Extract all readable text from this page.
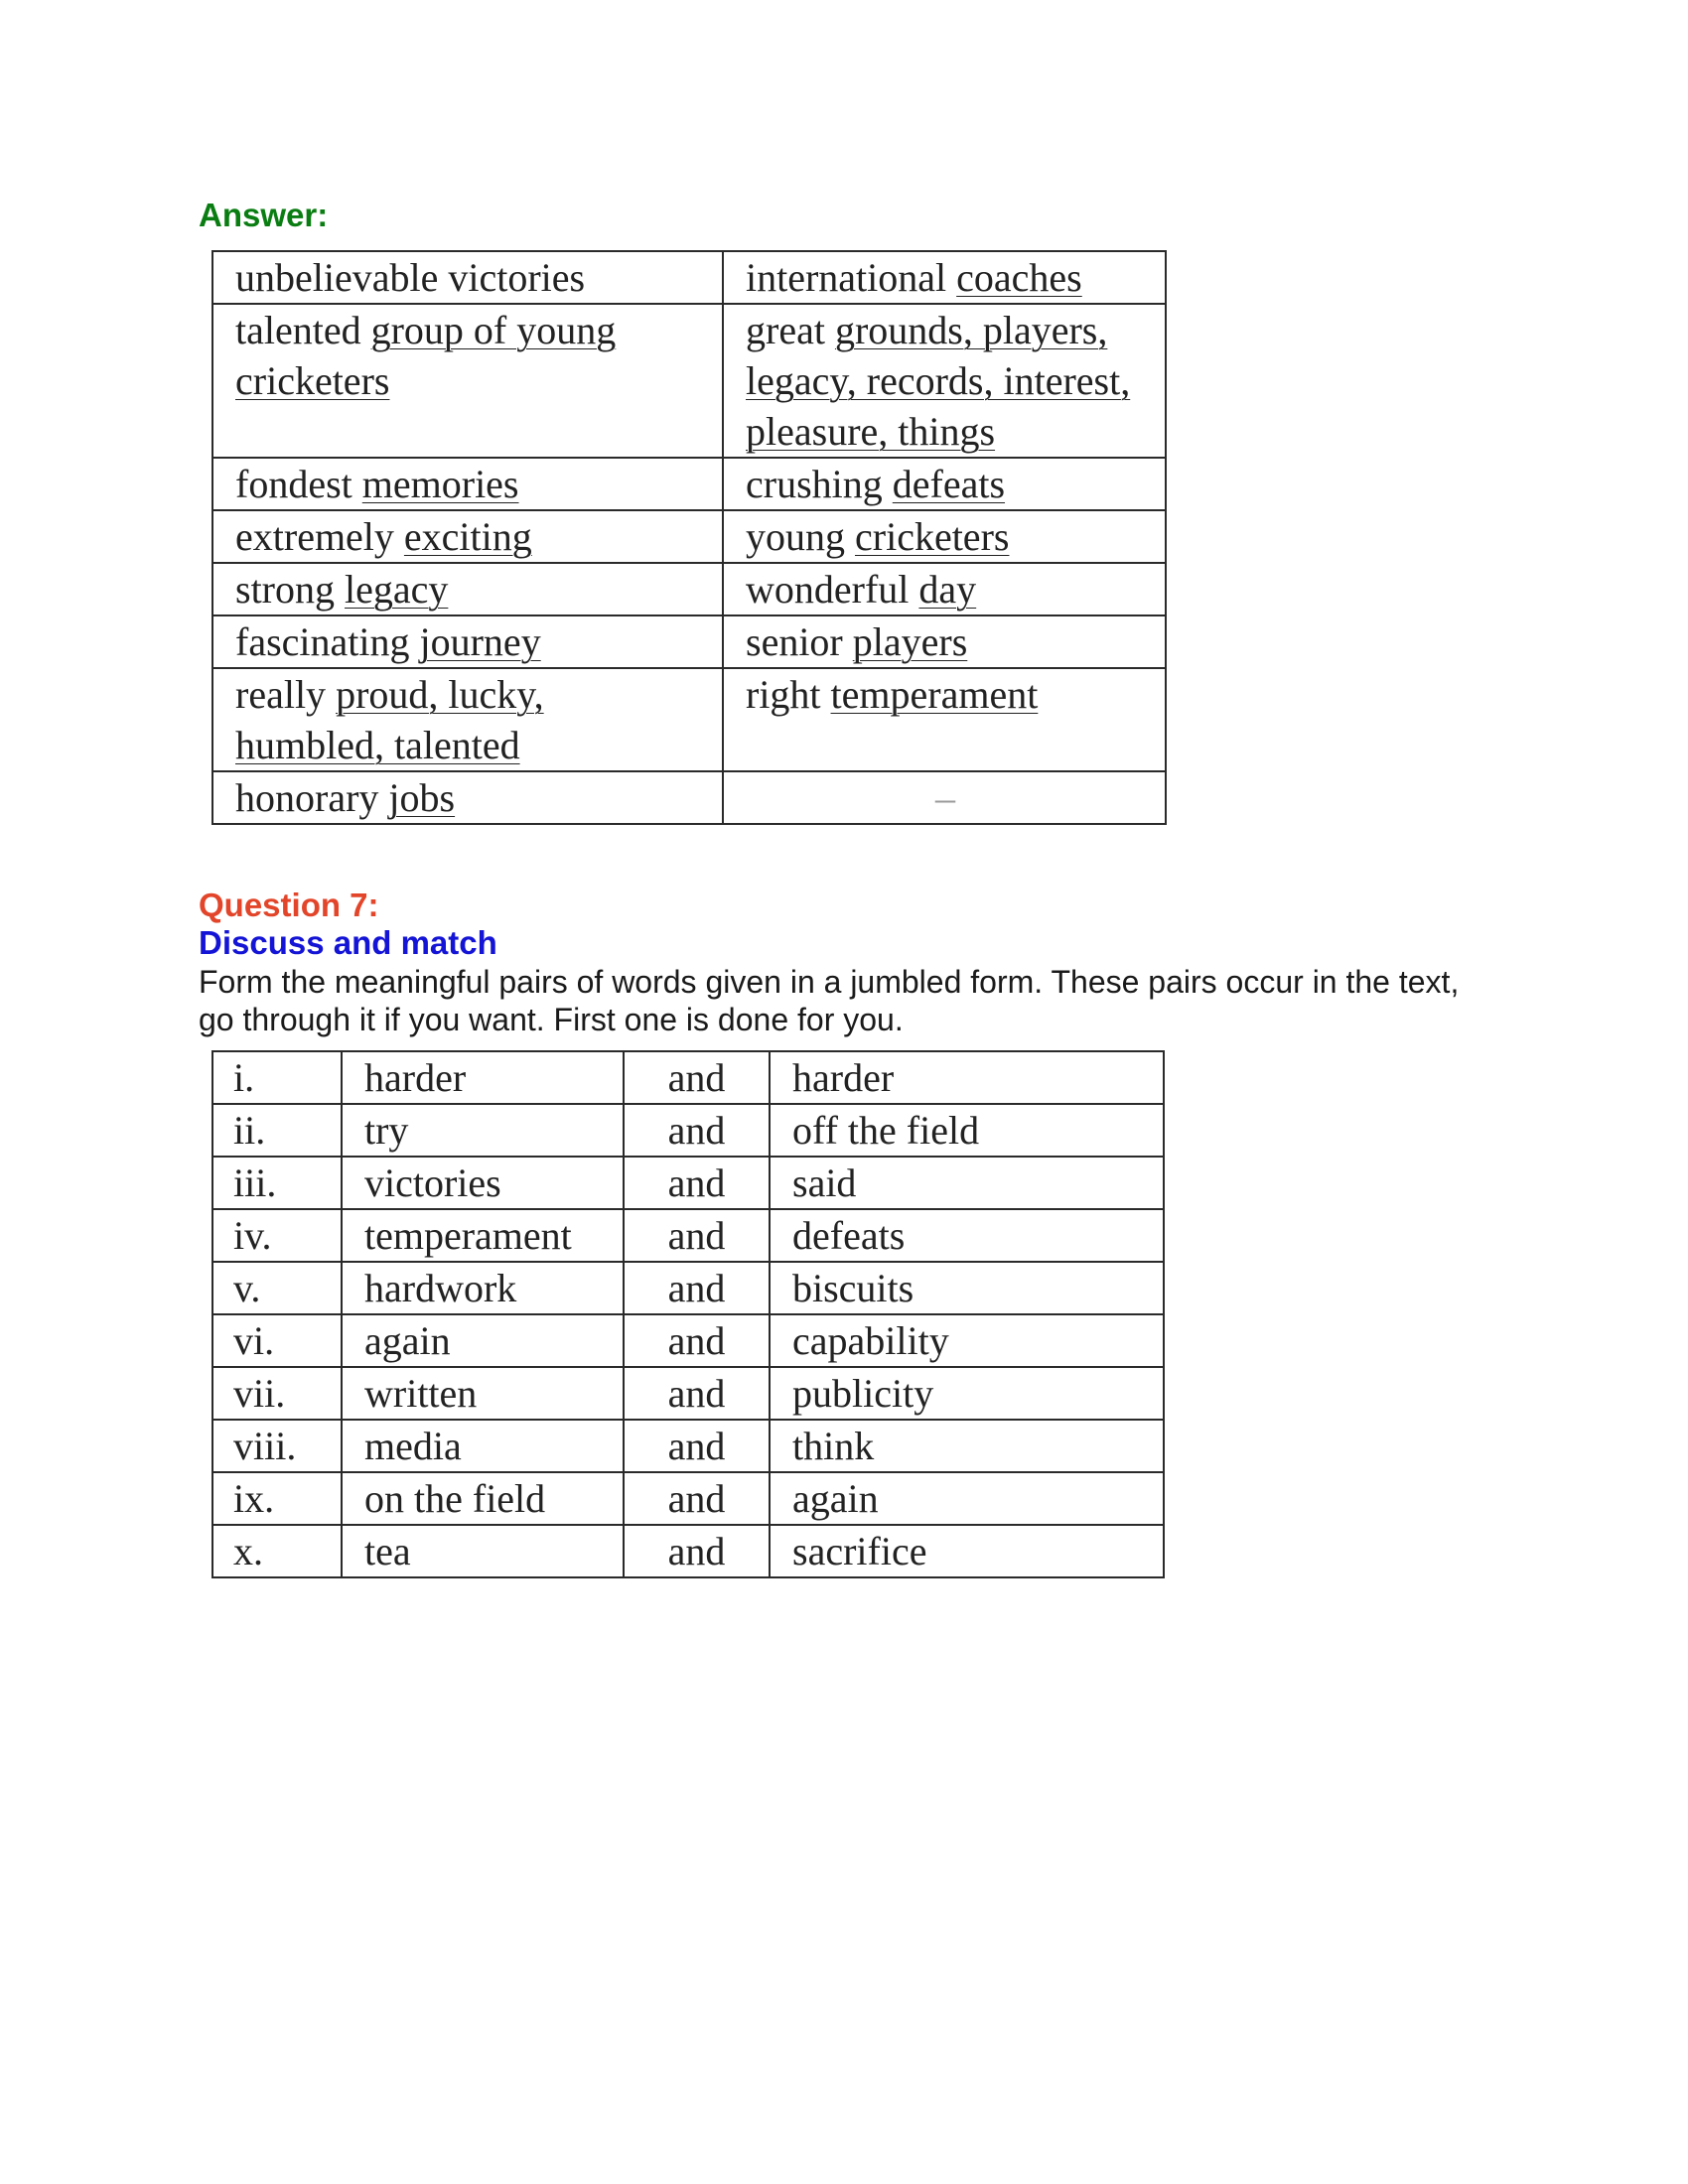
Answer:
unbelievable victories	international coaches
talented group of young cricketers	great grounds, players, legacy, records, interest, pleasure, things
fondest memories	crushing defeats
extremely exciting	young cricketers
strong legacy	wonderful day
fascinating journey	senior players
really proud, lucky, humbled, talented	right temperament
honorary jobs	–
Question 7:
Discuss and match
Form the meaningful pairs of words given in a jumbled form. These pairs occur in the text, go through it if you want. First one is done for you.
i.	harder	and	harder
ii.	try	and	off the field
iii.	victories	and	said
iv.	temperament	and	defeats
v.	hardwork	and	biscuits
vi.	again	and	capability
vii.	written	and	publicity
viii.	media	and	think
ix.	on the field	and	again
x.	tea	and	sacrifice
